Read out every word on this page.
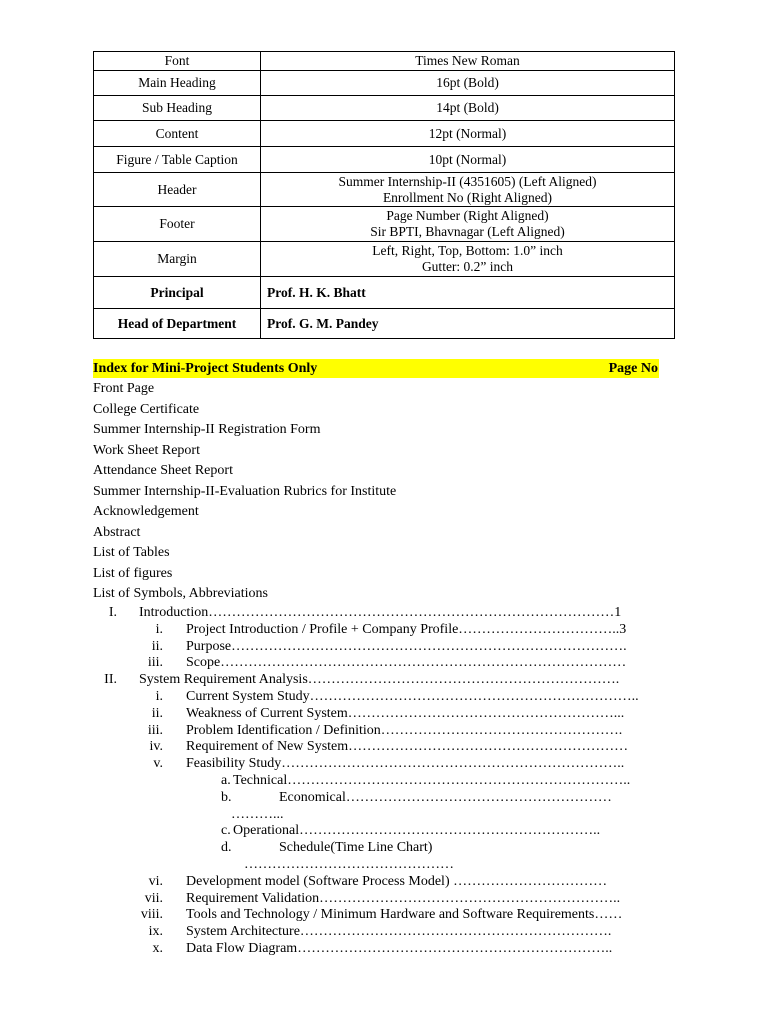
Font	Times New Roman

Main Heading	16pt (Bold)

Sub Heading	14pt (Bold)

Content	12pt (Normal)

Figure / Table Caption	10pt (Normal)

Header	Summer Internship-II (4351605) (Left Aligned)
Enrollment No (Right Aligned)

Footer	Page Number (Right Aligned)
Sir BPTI, Bhavnagar (Left Aligned)

Margin	Left, Right, Top, Bottom: 1.0” inch
Gutter: 0.2” inch

Principal	Prof. H. K. Bhatt

Head of Department	Prof. G. M. Pandey
Index for Mini-Project Students Only	Page No
Front Page
College Certificate
Summer Internship-II Registration Form
Work Sheet Report
Attendance Sheet Report
Summer Internship-II-Evaluation Rubrics for Institute
Acknowledgement
Abstract
List of Tables
List of figures
List of Symbols, Abbreviations
I. Introduction……………………………………………………………………………1
i. Project Introduction / Profile + Company Profile……………………………..3
ii. Purpose………………………………………………………………………….
iii. Scope……………………………………………………………………………
II. System Requirement Analysis………………………………………………………….
i. Current System Study……………………………………………………………..
ii. Weakness of Current System…………………………………………………...
iii. Problem Identification / Definition…………………………………………….
iv. Requirement of New System……………………………………………………
v. Feasibility Study………………………………………………………………..
a. Technical………………………………………………………………..
b.	Economical…………………………………………………
………...
c. Operational………………………………………………………..
d.	Schedule(Time Line Chart)
………………………………………
vi. Development model (Software Process Model) ……………………………
vii. Requirement Validation………………………………………………………..
viii. Tools and Technology / Minimum Hardware and Software Requirements……
ix. System Architecture………………………………………………………….
x. Data Flow Diagram…………………………………………………………..
